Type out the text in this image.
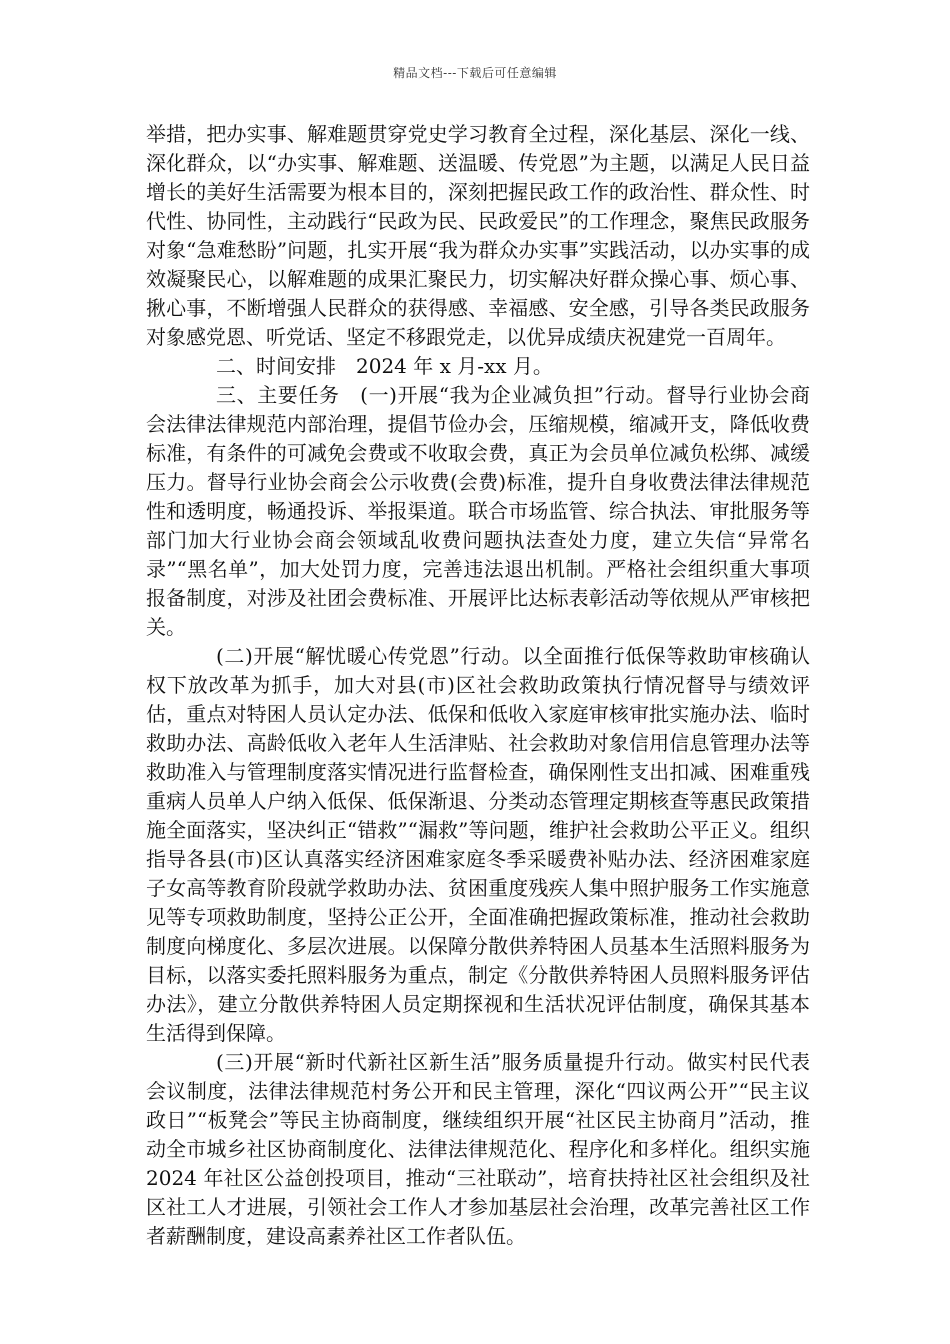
精品文档---下载后可任意编辑

举措，把办实事、解难题贯穿党史学习教育全过程，深化基层、深化一线、深化群众，以“办实事、解难题、送温暖、传党恩”为主题，以满足人民日益增长的美好生活需要为根本目的，深刻把握民政工作的政治性、群众性、时代性、协同性，主动践行“民政为民、民政爱民”的工作理念，聚焦民政服务对象“急难愁盼”问题，扎实开展“我为群众办实事”实践活动，以办实事的成效凝聚民心，以解难题的成果汇聚民力，切实解决好群众操心事、烦心事、揪心事，不断增强人民群众的获得感、幸福感、安全感，引导各类民政服务对象感党恩、听党话、坚定不移跟党走，以优异成绩庆祝建党一百周年。

二、时间安排　2024 年 x 月-xx 月。

三、主要任务　(一)开展“我为企业减负担”行动。督导行业协会商会法律法律规范内部治理，提倡节俭办会，压缩规模，缩减开支，降低收费标准，有条件的可减免会费或不收取会费，真正为会员单位减负松绑、减缓压力。督导行业协会商会公示收费(会费)标准，提升自身收费法律法律规范性和透明度，畅通投诉、举报渠道。联合市场监管、综合执法、审批服务等部门加大行业协会商会领域乱收费问题执法查处力度，建立失信“异常名录”“黑名单”，加大处罚力度，完善违法退出机制。严格社会组织重大事项报备制度，对涉及社团会费标准、开展评比达标表彰活动等依规从严审核把关。

(二)开展“解忧暖心传党恩”行动。以全面推行低保等救助审核确认权下放改革为抓手，加大对县(市)区社会救助政策执行情况督导与绩效评估，重点对特困人员认定办法、低保和低收入家庭审核审批实施办法、临时救助办法、高龄低收入老年人生活津贴、社会救助对象信用信息管理办法等救助准入与管理制度落实情况进行监督检查，确保刚性支出扣减、困难重残重病人员单人户纳入低保、低保渐退、分类动态管理定期核查等惠民政策措施全面落实，坚决纠正“错救”“漏救”等问题，维护社会救助公平正义。组织指导各县(市)区认真落实经济困难家庭冬季采暖费补贴办法、经济困难家庭子女高等教育阶段就学救助办法、贫困重度残疾人集中照护服务工作实施意见等专项救助制度，坚持公正公开，全面准确把握政策标准，推动社会救助制度向梯度化、多层次进展。以保障分散供养特困人员基本生活照料服务为目标，以落实委托照料服务为重点，制定《分散供养特困人员照料服务评估办法》，建立分散供养特困人员定期探视和生活状况评估制度，确保其基本生活得到保障。

(三)开展“新时代新社区新生活”服务质量提升行动。做实村民代表会议制度，法律法律规范村务公开和民主管理，深化“四议两公开”“民主议政日”“板凳会”等民主协商制度，继续组织开展“社区民主协商月”活动，推动全市城乡社区协商制度化、法律法律规范化、程序化和多样化。组织实施 2024 年社区公益创投项目，推动“三社联动”，培育扶持社区社会组织及社区社工人才进展，引领社会工作人才参加基层社会治理，改革完善社区工作者薪酬制度，建设高素养社区工作者队伍。
